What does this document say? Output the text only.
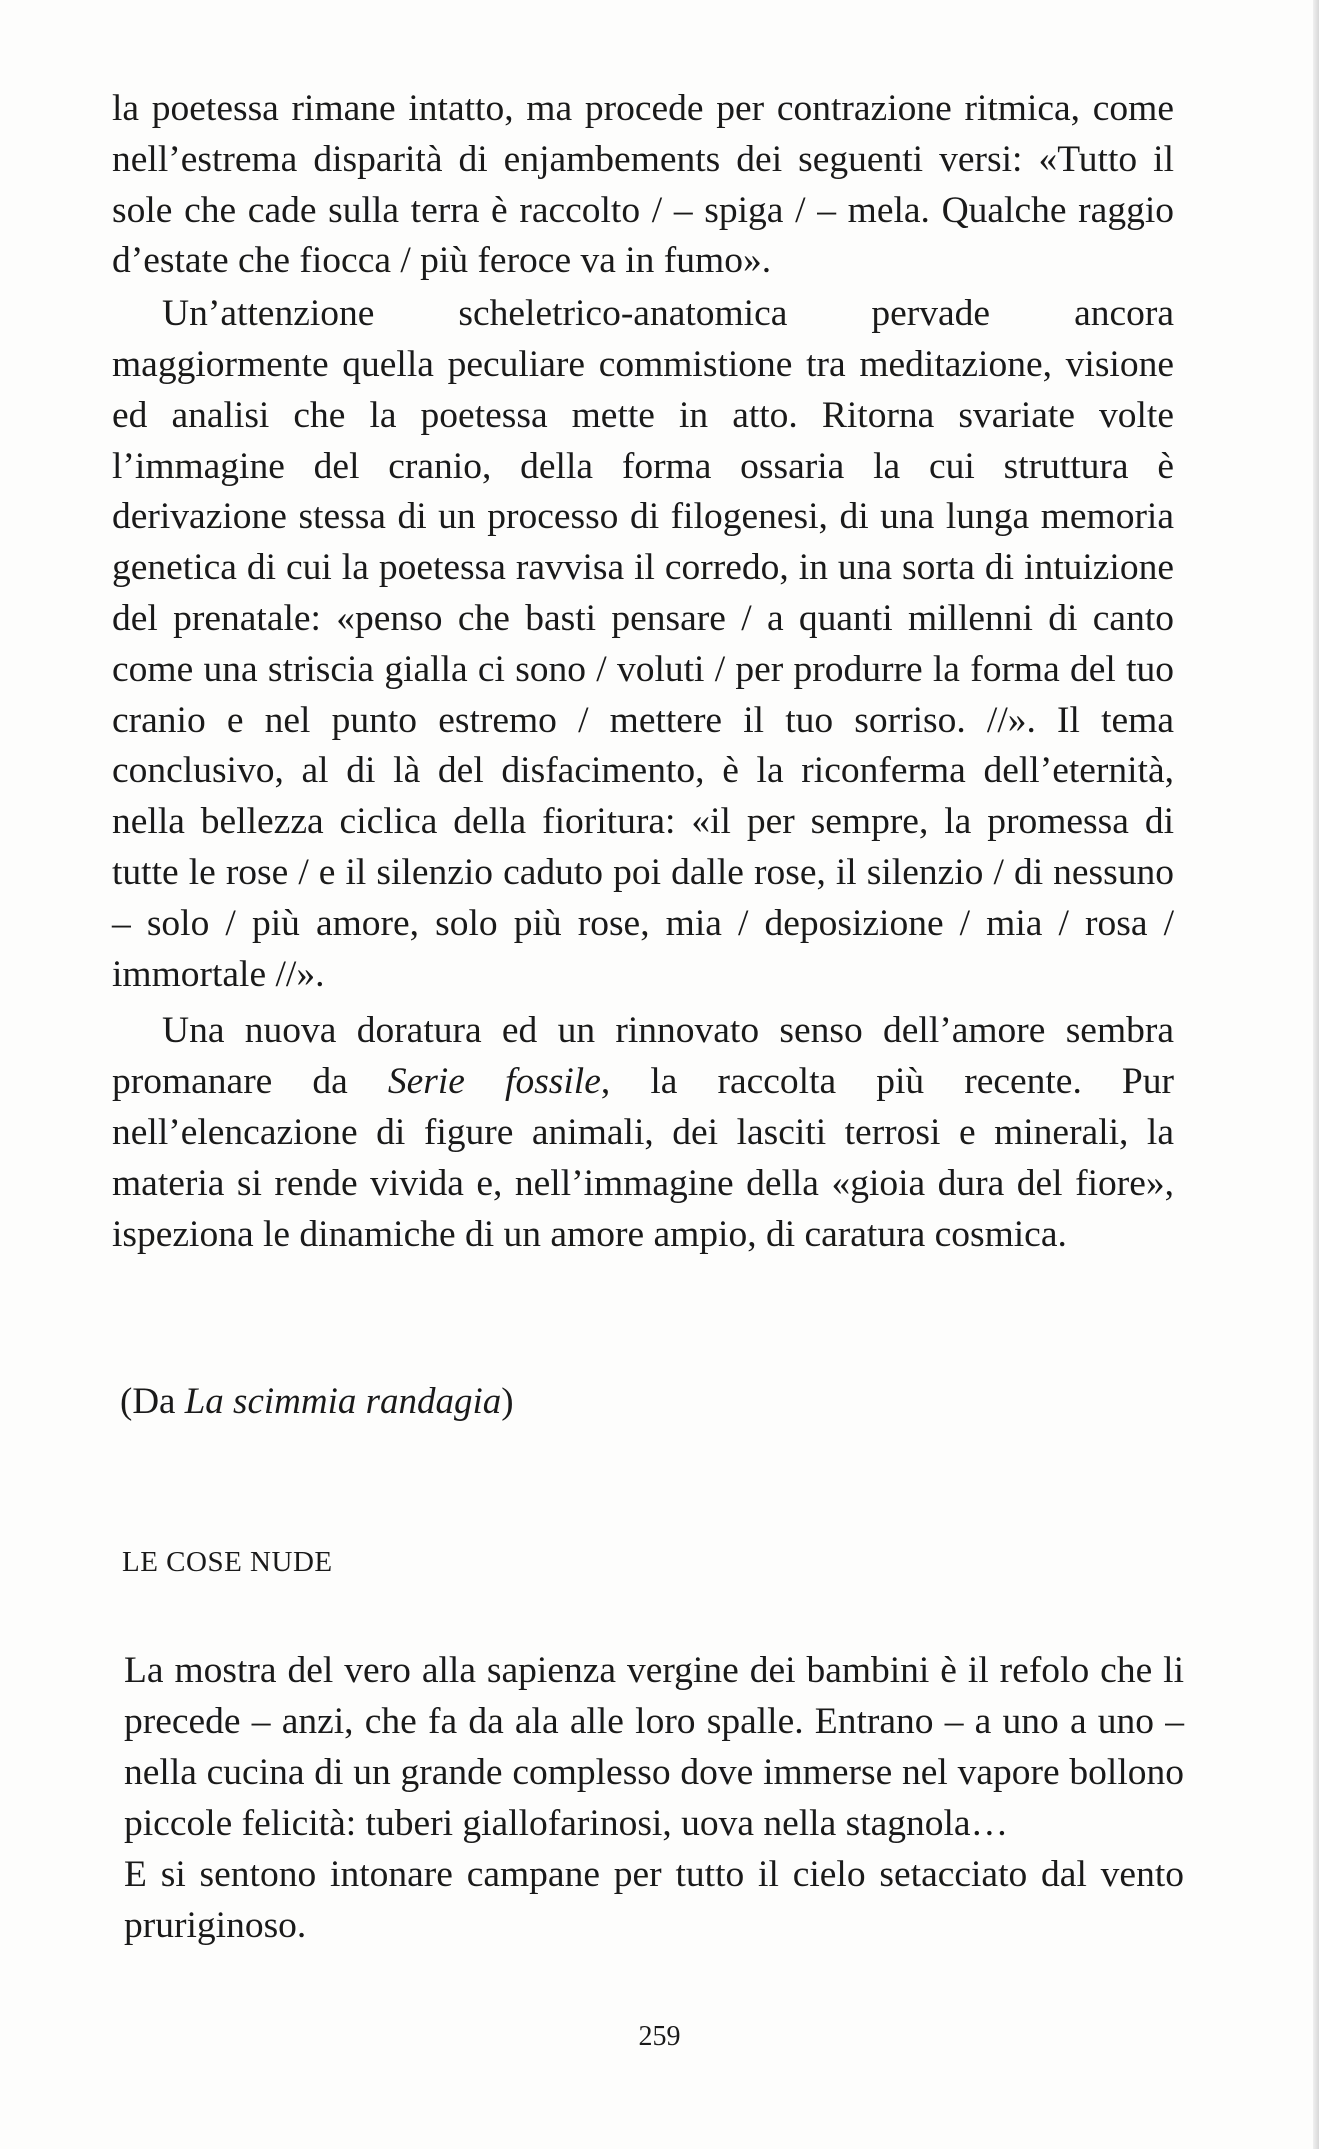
la poetessa rimane intatto, ma procede per contrazione ritmica, come nell’estrema disparità di enjambements dei seguenti versi: «Tutto il sole che cade sulla terra è raccolto / – spiga / – mela. Qualche raggio d’estate che fiocca / più feroce va in fumo».

Un’attenzione scheletrico-anatomica pervade ancora maggiormente quella peculiare commistione tra meditazione, visione ed analisi che la poetessa mette in atto. Ritorna svariate volte l’immagine del cranio, della forma ossaria la cui struttura è derivazione stessa di un processo di filogenesi, di una lunga memoria genetica di cui la poetessa ravvisa il corredo, in una sorta di intuizione del prenatale: «penso che basti pensare / a quanti millenni di canto come una striscia gialla ci sono / voluti / per produrre la forma del tuo cranio e nel punto estremo / mettere il tuo sorriso. //». Il tema conclusivo, al di là del disfacimento, è la riconferma dell’eternità, nella bellezza ciclica della fioritura: «il per sempre, la promessa di tutte le rose / e il silenzio caduto poi dalle rose, il silenzio / di nessuno – solo / più amore, solo più rose, mia / deposizione / mia / rosa / immortale //».

Una nuova doratura ed un rinnovato senso dell’amore sembra promanare da Serie fossile, la raccolta più recente. Pur nell’elencazione di figure animali, dei lasciti terrosi e minerali, la materia si rende vivida e, nell’immagine della «gioia dura del fiore», ispeziona le dinamiche di un amore ampio, di caratura cosmica.

(Da La scimmia randagia)
LE COSE NUDE

La mostra del vero alla sapienza vergine dei bambini è il refolo che li precede – anzi, che fa da ala alle loro spalle. Entrano – a uno a uno – nella cucina di un grande complesso dove immerse nel vapore bollono piccole felicità: tuberi giallofarinosi, uova nella stagnola…

E si sentono intonare campane per tutto il cielo setacciato dal vento pruriginoso.

259
